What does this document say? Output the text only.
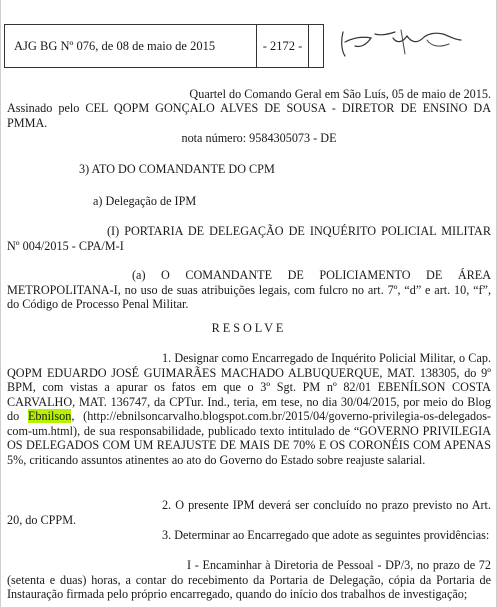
AJG BG Nº 076, de 08 de maio de 2015	- 2172 -
Quartel do Comando Geral em São Luís, 05 de maio de 2015.
Assinado pelo CEL QOPM GONÇALO ALVES DE SOUSA - DIRETOR DE ENSINO DA PMMA.
nota número: 9584305073 - DE
3) ATO DO COMANDANTE DO CPM
a) Delegação de IPM
(I) PORTARIA DE DELEGAÇÃO DE INQUÉRITO POLICIAL MILITAR Nº 004/2015 - CPA/M-I
(a) O COMANDANTE DE POLICIAMENTO DE ÁREA METROPOLITANA-I, no uso de suas atribuições legais, com fulcro no art. 7º, “d” e art. 10, “f”, do Código de Processo Penal Militar.
RESOLVE
1. Designar como Encarregado de Inquérito Policial Militar, o Cap. QOPM EDUARDO JOSÉ GUIMARÃES MACHADO ALBUQUERQUE, MAT. 138305, do 9º BPM, com vistas a apurar os fatos em que o 3º Sgt. PM nº 82/01 EBENÍLSON COSTA CARVALHO, MAT. 136747, da CPTur. Ind., teria, em tese, no dia 30/04/2015, por meio do Blog do Ebnilson, (http://ebnilsoncarvalho.blogspot.com.br/2015/04/governo-privilegia-os-delegados- com-um.html), de sua responsabilidade, publicado texto intitulado de “GOVERNO PRIVILEGIA OS DELEGADOS COM UM REAJUSTE DE MAIS DE 70% E OS CORONÉIS COM APENAS 5%, criticando assuntos atinentes ao ato do Governo do Estado sobre reajuste salarial.
2. O presente IPM deverá ser concluído no prazo previsto no Art. 20, do CPPM.
3. Determinar ao Encarregado que adote as seguintes providências:
I - Encaminhar à Diretoria de Pessoal - DP/3, no prazo de 72 (setenta e duas) horas, a contar do recebimento da Portaria de Delegação, cópia da Portaria de Instauração firmada pelo próprio encarregado, quando do início dos trabalhos de investigação;
